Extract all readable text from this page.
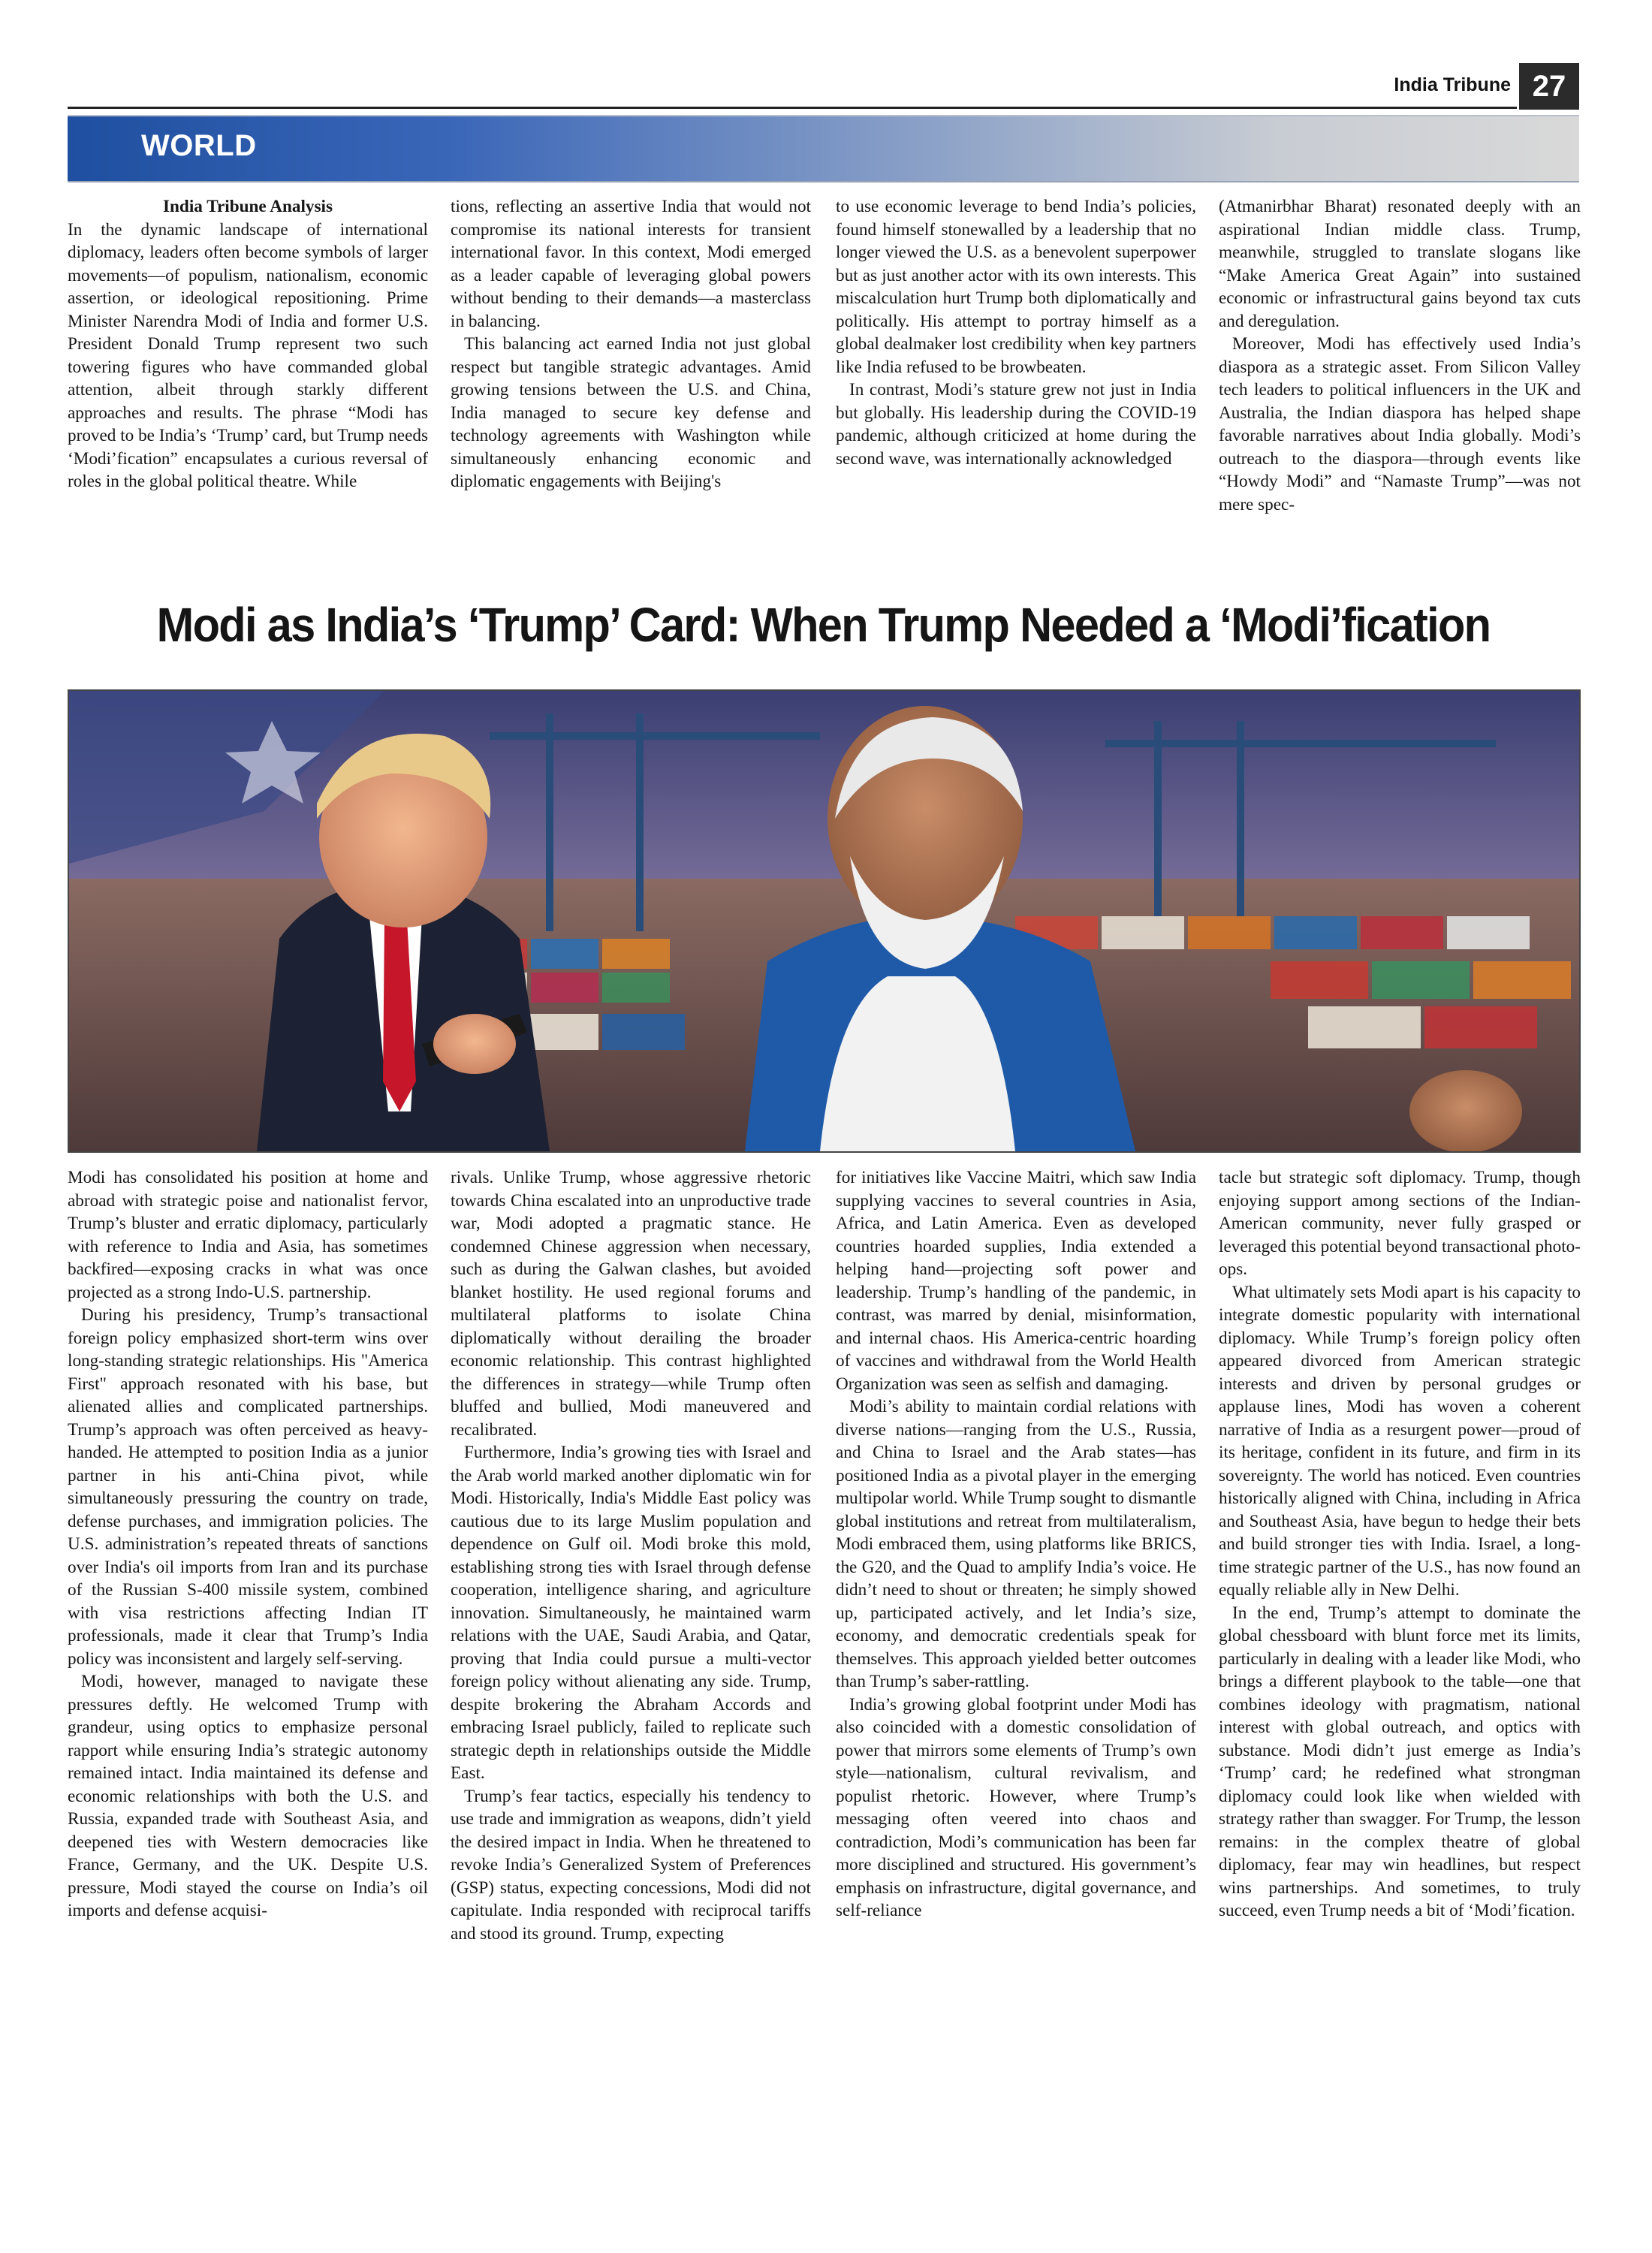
India Tribune 27
WORLD

India Tribune Analysis

In the dynamic landscape of international diplomacy, leaders often become symbols of larger movements—of populism, nationalism, economic assertion, or ideological repositioning. Prime Minister Narendra Modi of India and former U.S. President Donald Trump represent two such towering figures who have commanded global attention, albeit through starkly different approaches and results. The phrase “Modi has proved to be India’s ‘Trump’ card, but Trump needs ‘Modi’fication” encapsulates a curious reversal of roles in the global political theatre. While

tions, reflecting an assertive India that would not compromise its national interests for transient international favor. In this context, Modi emerged as a leader capable of leveraging global powers without bending to their demands—a masterclass in balancing.

This balancing act earned India not just global respect but tangible strategic advantages. Amid growing tensions between the U.S. and China, India managed to secure key defense and technology agreements with Washington while simultaneously enhancing economic and diplomatic engagements with Beijing's

to use economic leverage to bend India’s policies, found himself stonewalled by a leadership that no longer viewed the U.S. as a benevolent superpower but as just another actor with its own interests. This miscalculation hurt Trump both diplomatically and politically. His attempt to portray himself as a global dealmaker lost credibility when key partners like India refused to be browbeaten.

In contrast, Modi’s stature grew not just in India but globally. His leadership during the COVID-19 pandemic, although criticized at home during the second wave, was internationally acknowledged

(Atmanirbhar Bharat) resonated deeply with an aspirational Indian middle class. Trump, meanwhile, struggled to translate slogans like “Make America Great Again” into sustained economic or infrastructural gains beyond tax cuts and deregulation.

Moreover, Modi has effectively used India’s diaspora as a strategic asset. From Silicon Valley tech leaders to political influencers in the UK and Australia, the Indian diaspora has helped shape favorable narratives about India globally. Modi’s outreach to the diaspora—through events like “Howdy Modi” and “Namaste Trump”—was not mere spec-

Modi as India’s ‘Trump’ Card: When Trump Needed a ‘Modi’fication

Modi has consolidated his position at home and abroad with strategic poise and nationalist fervor, Trump’s bluster and erratic diplomacy, particularly with reference to India and Asia, has sometimes backfired—exposing cracks in what was once projected as a strong Indo-U.S. partnership.

During his presidency, Trump’s transactional foreign policy emphasized short-term wins over long-standing strategic relationships. His "America First" approach resonated with his base, but alienated allies and complicated partnerships. Trump’s approach was often perceived as heavy-handed. He attempted to position India as a junior partner in his anti-China pivot, while simultaneously pressuring the country on trade, defense purchases, and immigration policies. The U.S. administration’s repeated threats of sanctions over India's oil imports from Iran and its purchase of the Russian S-400 missile system, combined with visa restrictions affecting Indian IT professionals, made it clear that Trump’s India policy was inconsistent and largely self-serving.

Modi, however, managed to navigate these pressures deftly. He welcomed Trump with grandeur, using optics to emphasize personal rapport while ensuring India’s strategic autonomy remained intact. India maintained its defense and economic relationships with both the U.S. and Russia, expanded trade with Southeast Asia, and deepened ties with Western democracies like France, Germany, and the UK. Despite U.S. pressure, Modi stayed the course on India’s oil imports and defense acquisi-

rivals. Unlike Trump, whose aggressive rhetoric towards China escalated into an unproductive trade war, Modi adopted a pragmatic stance. He condemned Chinese aggression when necessary, such as during the Galwan clashes, but avoided blanket hostility. He used regional forums and multilateral platforms to isolate China diplomatically without derailing the broader economic relationship. This contrast highlighted the differences in strategy—while Trump often bluffed and bullied, Modi maneuvered and recalibrated.

Furthermore, India’s growing ties with Israel and the Arab world marked another diplomatic win for Modi. Historically, India's Middle East policy was cautious due to its large Muslim population and dependence on Gulf oil. Modi broke this mold, establishing strong ties with Israel through defense cooperation, intelligence sharing, and agriculture innovation. Simultaneously, he maintained warm relations with the UAE, Saudi Arabia, and Qatar, proving that India could pursue a multi-vector foreign policy without alienating any side. Trump, despite brokering the Abraham Accords and embracing Israel publicly, failed to replicate such strategic depth in relationships outside the Middle East.

Trump’s fear tactics, especially his tendency to use trade and immigration as weapons, didn’t yield the desired impact in India. When he threatened to revoke India’s Generalized System of Preferences (GSP) status, expecting concessions, Modi did not capitulate. India responded with reciprocal tariffs and stood its ground. Trump, expecting

for initiatives like Vaccine Maitri, which saw India supplying vaccines to several countries in Asia, Africa, and Latin America. Even as developed countries hoarded supplies, India extended a helping hand—projecting soft power and leadership. Trump’s handling of the pandemic, in contrast, was marred by denial, misinformation, and internal chaos. His America-centric hoarding of vaccines and withdrawal from the World Health Organization was seen as selfish and damaging.

Modi’s ability to maintain cordial relations with diverse nations—ranging from the U.S., Russia, and China to Israel and the Arab states—has positioned India as a pivotal player in the emerging multipolar world. While Trump sought to dismantle global institutions and retreat from multilateralism, Modi embraced them, using platforms like BRICS, the G20, and the Quad to amplify India’s voice. He didn’t need to shout or threaten; he simply showed up, participated actively, and let India’s size, economy, and democratic credentials speak for themselves. This approach yielded better outcomes than Trump’s saber-rattling.

India’s growing global footprint under Modi has also coincided with a domestic consolidation of power that mirrors some elements of Trump’s own style—nationalism, cultural revivalism, and populist rhetoric. However, where Trump’s messaging often veered into chaos and contradiction, Modi’s communication has been far more disciplined and structured. His government’s emphasis on infrastructure, digital governance, and self-reliance

tacle but strategic soft diplomacy. Trump, though enjoying support among sections of the Indian-American community, never fully grasped or leveraged this potential beyond transactional photo-ops.

What ultimately sets Modi apart is his capacity to integrate domestic popularity with international diplomacy. While Trump’s foreign policy often appeared divorced from American strategic interests and driven by personal grudges or applause lines, Modi has woven a coherent narrative of India as a resurgent power—proud of its heritage, confident in its future, and firm in its sovereignty. The world has noticed. Even countries historically aligned with China, including in Africa and Southeast Asia, have begun to hedge their bets and build stronger ties with India. Israel, a long-time strategic partner of the U.S., has now found an equally reliable ally in New Delhi.

In the end, Trump’s attempt to dominate the global chessboard with blunt force met its limits, particularly in dealing with a leader like Modi, who brings a different playbook to the table—one that combines ideology with pragmatism, national interest with global outreach, and optics with substance. Modi didn’t just emerge as India’s ‘Trump’ card; he redefined what strongman diplomacy could look like when wielded with strategy rather than swagger. For Trump, the lesson remains: in the complex theatre of global diplomacy, fear may win headlines, but respect wins partnerships. And sometimes, to truly succeed, even Trump needs a bit of ‘Modi’fication.
